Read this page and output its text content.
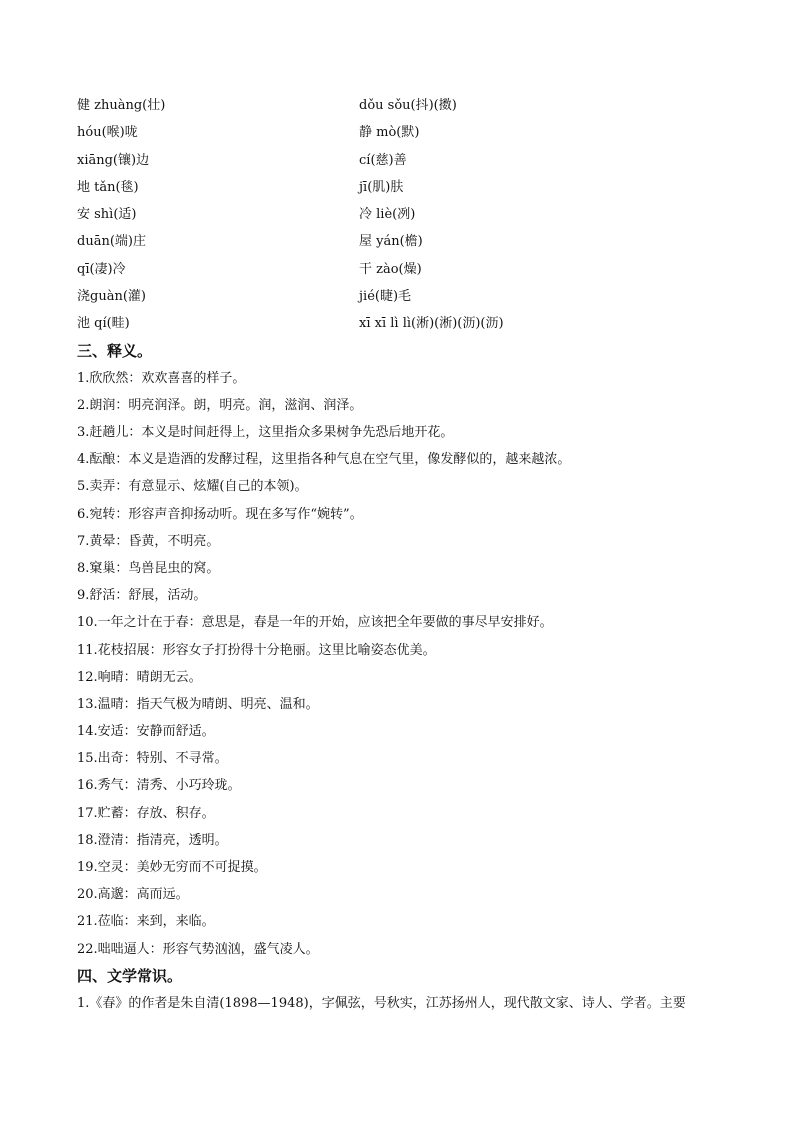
健 zhuàng(壮)	dǒu sǒu(抖)(擞)
hóu(喉)咙	静 mò(默)
xiāng(镶)边	cí(慈)善
地 tǎn(毯)	jī(肌)肤
安 shì(适)	冷 liè(冽)
duān(端)庄	屋 yán(檐)
qī(凄)冷	干 zào(燥)
浇guàn(灌)	jié(睫)毛
池 qí(畦)	xī xī lì lì(淅)(淅)(沥)(沥)
三、释义。
1.欣欣然：欢欢喜喜的样子。
2.朗润：明亮润泽。朗，明亮。润，滋润、润泽。
3.赶趟儿：本义是时间赶得上，这里指众多果树争先恐后地开花。
4.酝酿：本义是造酒的发酵过程，这里指各种气息在空气里，像发酵似的，越来越浓。
5.卖弄：有意显示、炫耀(自己的本领)。
6.宛转：形容声音抑扬动听。现在多写作“婉转”。
7.黄晕：昏黄，不明亮。
8.窠巢：鸟兽昆虫的窝。
9.舒活：舒展，活动。
10.一年之计在于春：意思是，春是一年的开始，应该把全年要做的事尽早安排好。
11.花枝招展：形容女子打扮得十分艳丽。这里比喻姿态优美。
12.响晴：晴朗无云。
13.温晴：指天气极为晴朗、明亮、温和。
14.安适：安静而舒适。
15.出奇：特别、不寻常。
16.秀气：清秀、小巧玲珑。
17.贮蓄：存放、积存。
18.澄清：指清亮，透明。
19.空灵：美妙无穷而不可捉摸。
20.高邈：高而远。
21.莅临：来到，来临。
22.咄咄逼人：形容气势汹汹，盛气凌人。
四、文学常识。
1.《春》的作者是朱自清(1898—1948)，字佩弦，号秋实，江苏扬州人，现代散文家、诗人、学者。主要
